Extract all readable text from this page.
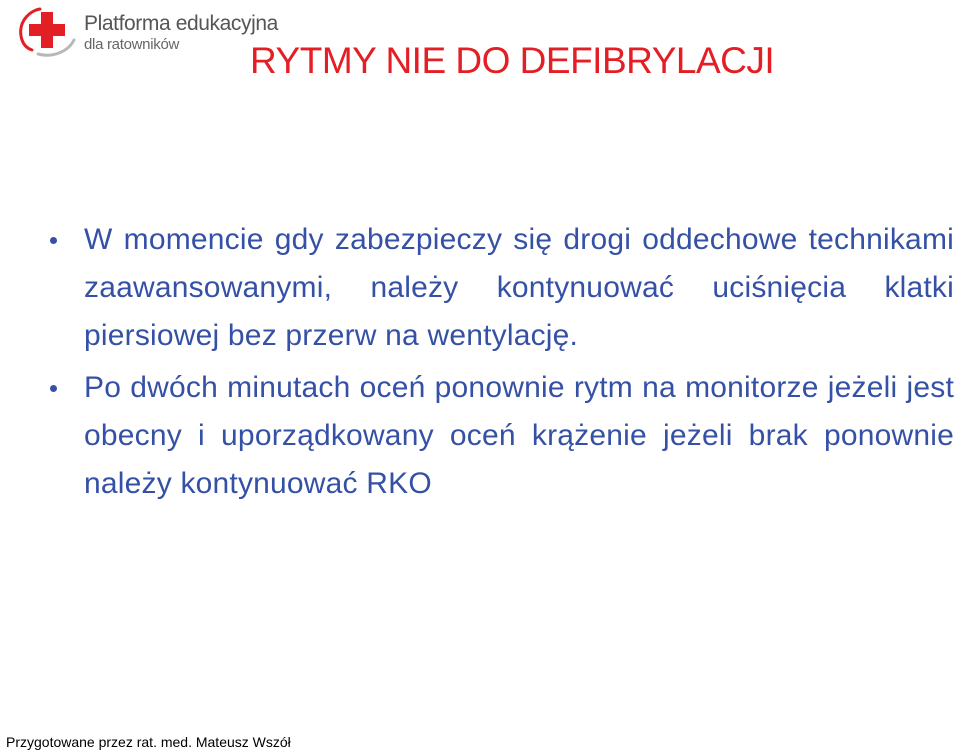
Platforma edukacyjna
dla ratowników RYTMY NIE DO DEFIBRYLACJI
W momencie gdy zabezpieczy się drogi oddechowe technikami zaawansowanymi, należy kontynuować uciśnięcia klatki piersiowej bez przerw na wentylację.
Po dwóch minutach oceń ponownie rytm na monitorze jeżeli jest obecny i uporządkowany oceń krążenie jeżeli brak ponownie należy kontynuować RKO
Przygotowane przez rat. med. Mateusz Wszół
